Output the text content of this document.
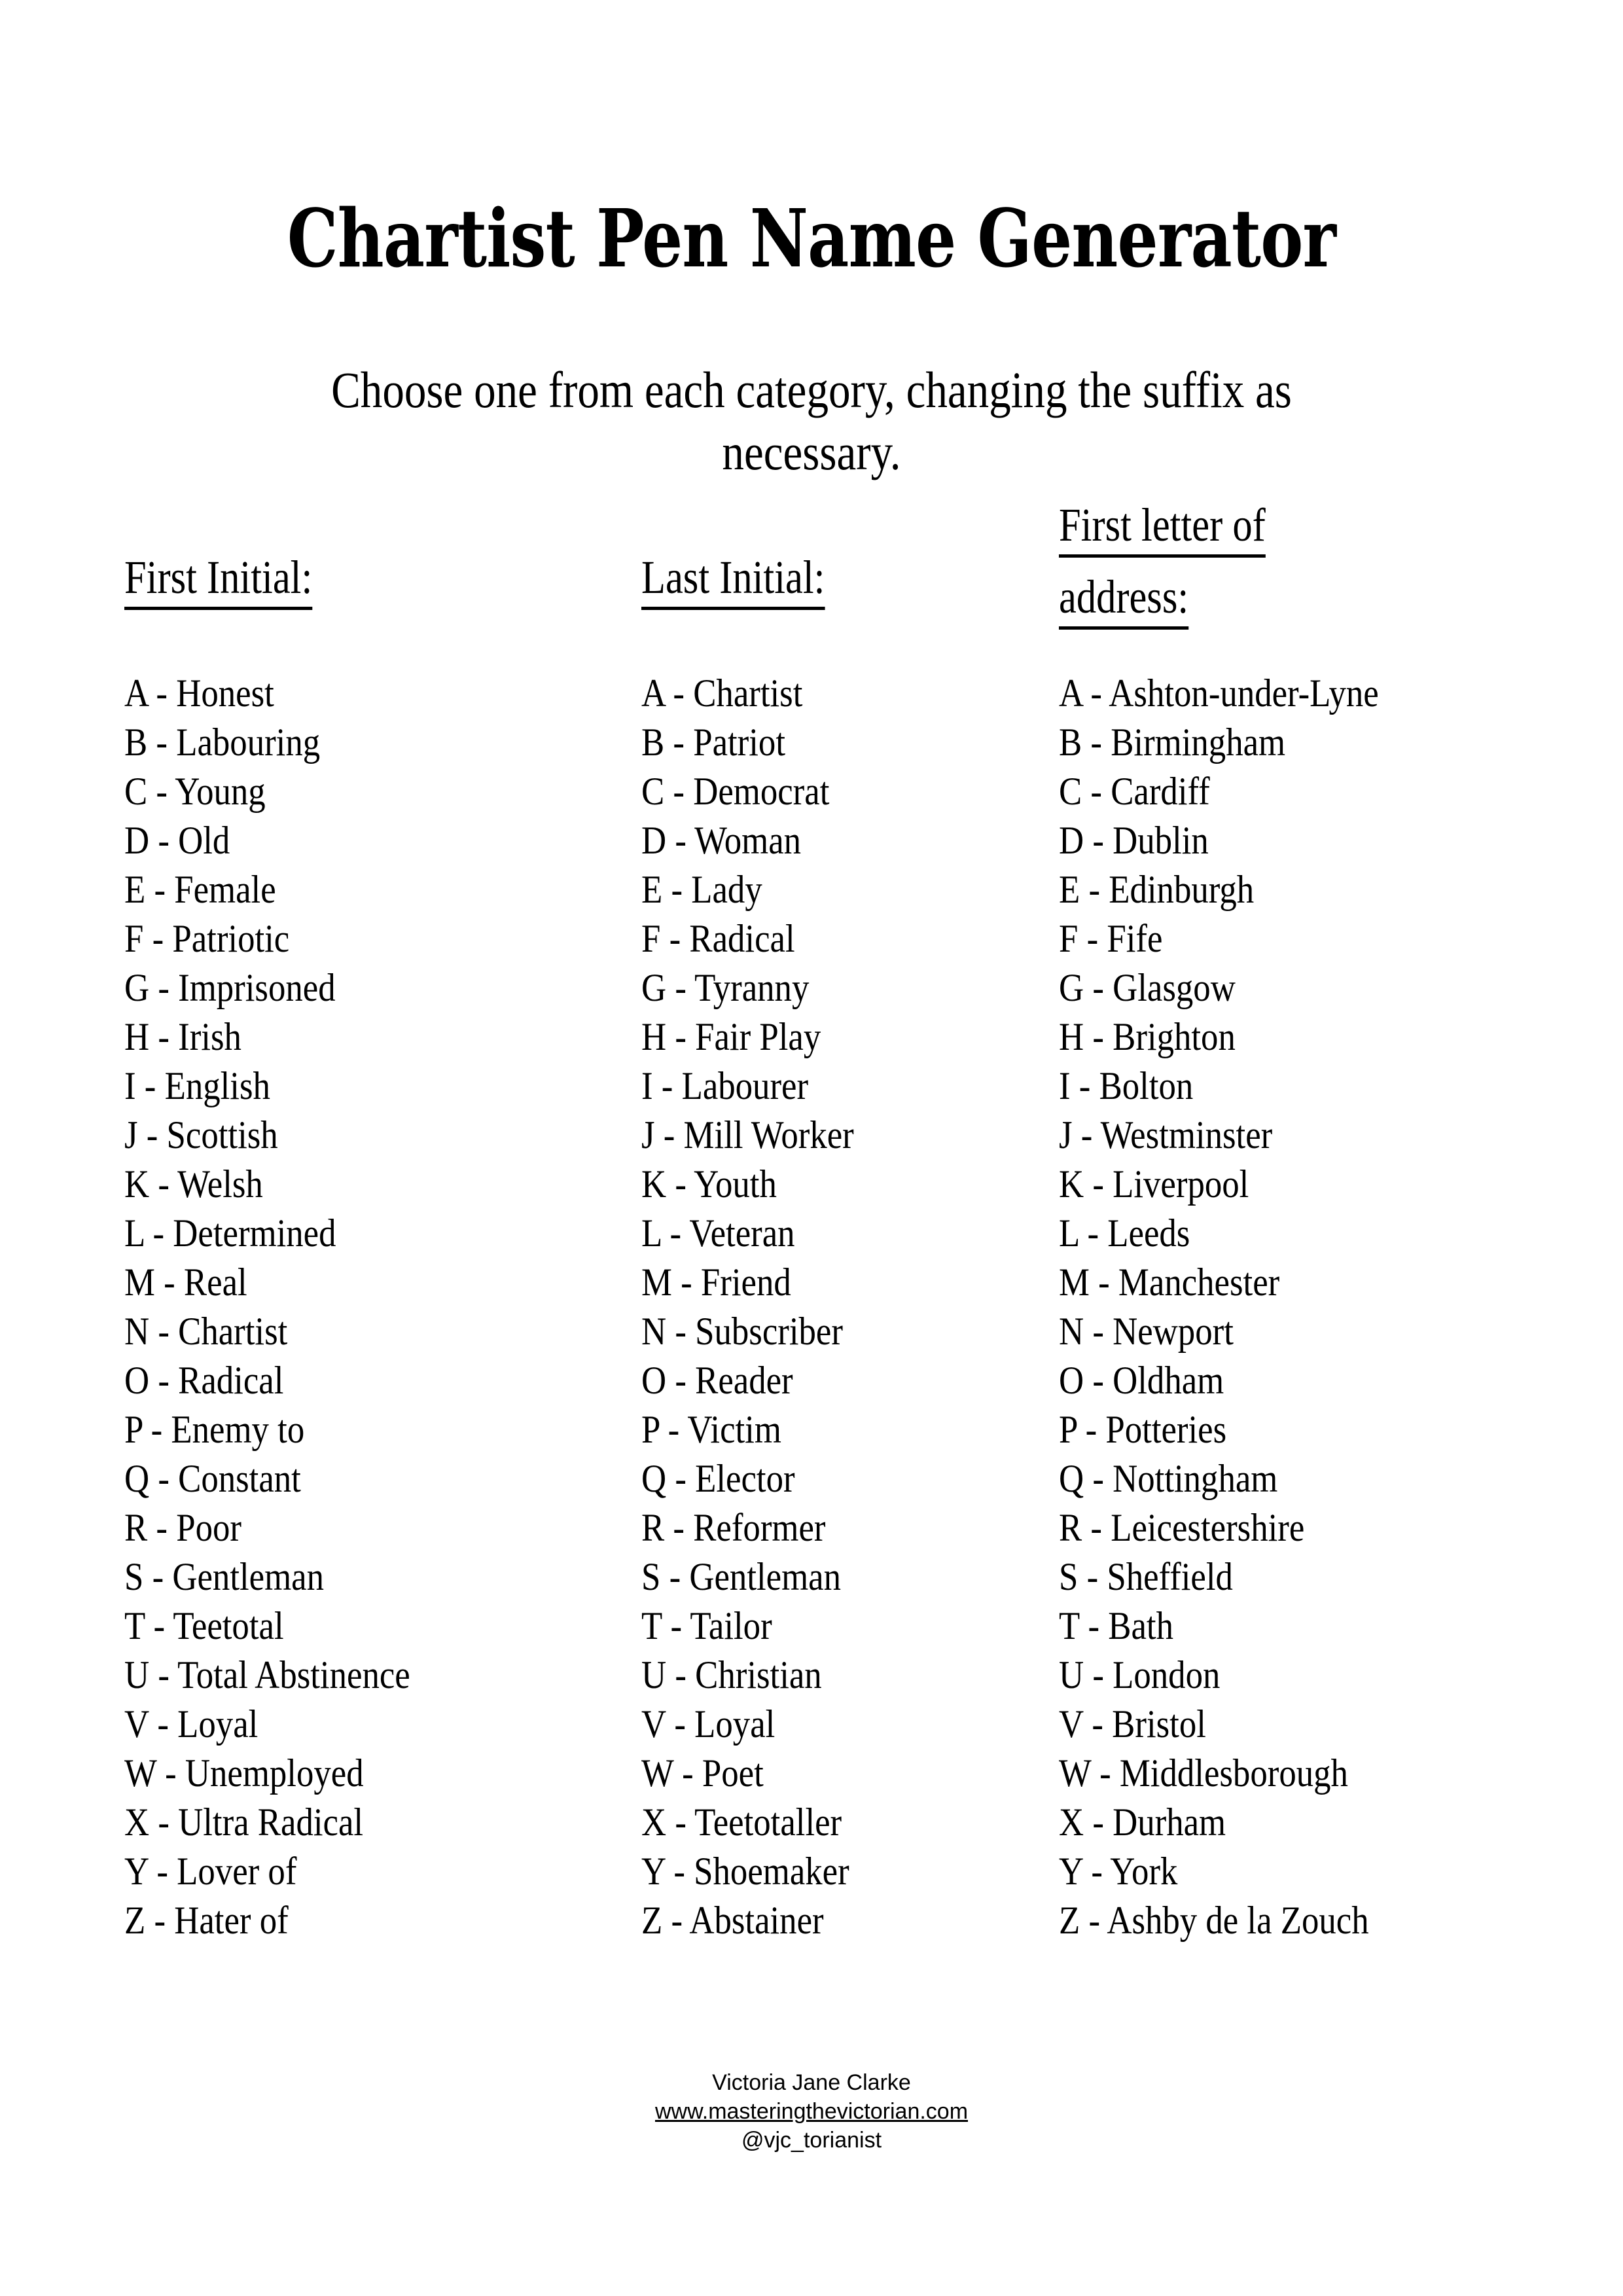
Chartist Pen Name Generator

Choose one from each category, changing the suffix as necessary.

First Initial:
A - Honest
B - Labouring
C - Young
D - Old
E - Female
F - Patriotic
G - Imprisoned
H - Irish
I - English
J - Scottish
K - Welsh
L - Determined
M - Real
N - Chartist
O - Radical
P - Enemy to
Q - Constant
R - Poor
S - Gentleman
T - Teetotal
U - Total Abstinence
V - Loyal
W - Unemployed
X - Ultra Radical
Y - Lover of
Z - Hater of
Last Initial:
A - Chartist
B - Patriot
C - Democrat
D - Woman
E - Lady
F - Radical
G - Tyranny
H - Fair Play
I - Labourer
J - Mill Worker
K - Youth
L - Veteran
M - Friend
N - Subscriber
O - Reader
P - Victim
Q - Elector
R - Reformer
S - Gentleman
T - Tailor
U - Christian
V - Loyal
W - Poet
X - Teetotaller
Y - Shoemaker
Z - Abstainer
First letter of
address:
A - Ashton-under-Lyne
B - Birmingham
C - Cardiff
D - Dublin
E - Edinburgh
F - Fife
G - Glasgow
H - Brighton
I - Bolton
J - Westminster
K - Liverpool
L - Leeds
M - Manchester
N - Newport
O - Oldham
P - Potteries
Q - Nottingham
R - Leicestershire
S - Sheffield
T - Bath
U - London
V - Bristol
W - Middlesborough
X - Durham
Y - York
Z - Ashby de la Zouch
Victoria Jane Clarke
www.masteringthevictorian.com
@vjc_torianist
